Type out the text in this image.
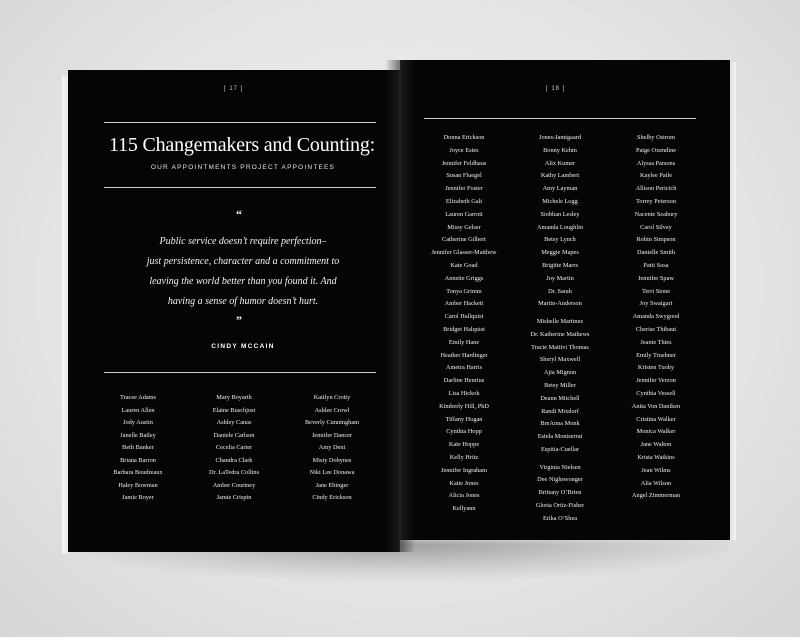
[ 17 ]
115 Changemakers and Counting:
OUR APPOINTMENTS PROJECT APPOINTEES
“
Public service doesn’t require perfection–
just persistence, character and a commitment to
leaving the world better than you found it. And
having a sense of humor doesn’t hurt.
”
CINDY MCCAIN
Tracee Adams
Lauren Allen
Jody Austin
Janelle Bailey
Beth Banker
Briana Barron
Barbara Boudreaux
Haley Bowman
Jamie Boyer
Mary Boyarth
Elaine Buschjost
Ashley Canas
Daniele Carlson
Cecelia Carter
Chandra Clark
Dr. LaTedra Collins
Amber Courtney
Jamie Crispin
Kaitlyn Crotty
Ashlee Crowl
Beverly Cunningham
Jennifer Dancer
Amy Dent
Misty Dobynes
Niki Lee Donawa
Jane Ebinger
Cindy Erickson
[ 18 ]
Donna Erickson
Joyce Estes
Jennifer Feldhaus
Susan Fluegel
Jennifer Foster
Elizabeth Galt
Lauren Garrott
Missy Gelser
Catherine Gilbert
Jennifer Glasser-Matthew
Kate Goad
Annette Griggs
Tonya Grimm
Amber Hackett
Carol Hallquist
Bridget Halquist
Emily Hane
Heather Hardinger
Ametra Harris
Darline Henrius
Lisa Hickok
Kimberly Hill, PhD
Tiffany Hogan
Cynthia Hopp
Kate Hoppe
Kelly Hritz
Jennifer Ingraham
Katie Jones
Alicia Jones
Kellyann
Jones-Jamtgaard
Bonny Kehm
Alix Kumer
Kathy Lambert
Amy Layman
Michele Logg
Siobhan Lesley
Amanda Loughlin
Betsy Lynch
Meggie Mapes
Brigitte Marrs
Joy Martin
Dr. Sarah
Martin-Anderson
Mishelle Martinez
Dr. Katherine Mathews
Tracie Mattivi Thomas
Sheryl Maxwell
Ajia Mignon
Betsy Miller
Deann Mitchell
Randi Mixdorf
BreAnna Monk
Estela Montserrat
Espitia-Cuellar
Virginia Nielsen
Dee Nighswonger
Brittany O’Brien
Gloria Ortiz-Fisher
Erika O’Shea
Shelby Ostrom
Paige Oxendine
Alyssa Parsons
Kaylee Paile
Allison Pericich
Torrey Peterson
Nacente Seabury
Carol Silvey
Robin Simpson
Danielle Smith
Patti Sosa
Jennifer Spaw
Terri Stone
Joy Swaigart
Amanda Swygood
Cherise Thibaut
Jeanie Thies
Emily Truebner
Kristen Tuohy
Jennifer Verzon
Cynthia Vessell
Anita Von Daniken
Cristina Walker
Monica Walker
Jane Walton
Krista Watkins
Jean Wilms
Alia Wilson
Angel Zimmerman
